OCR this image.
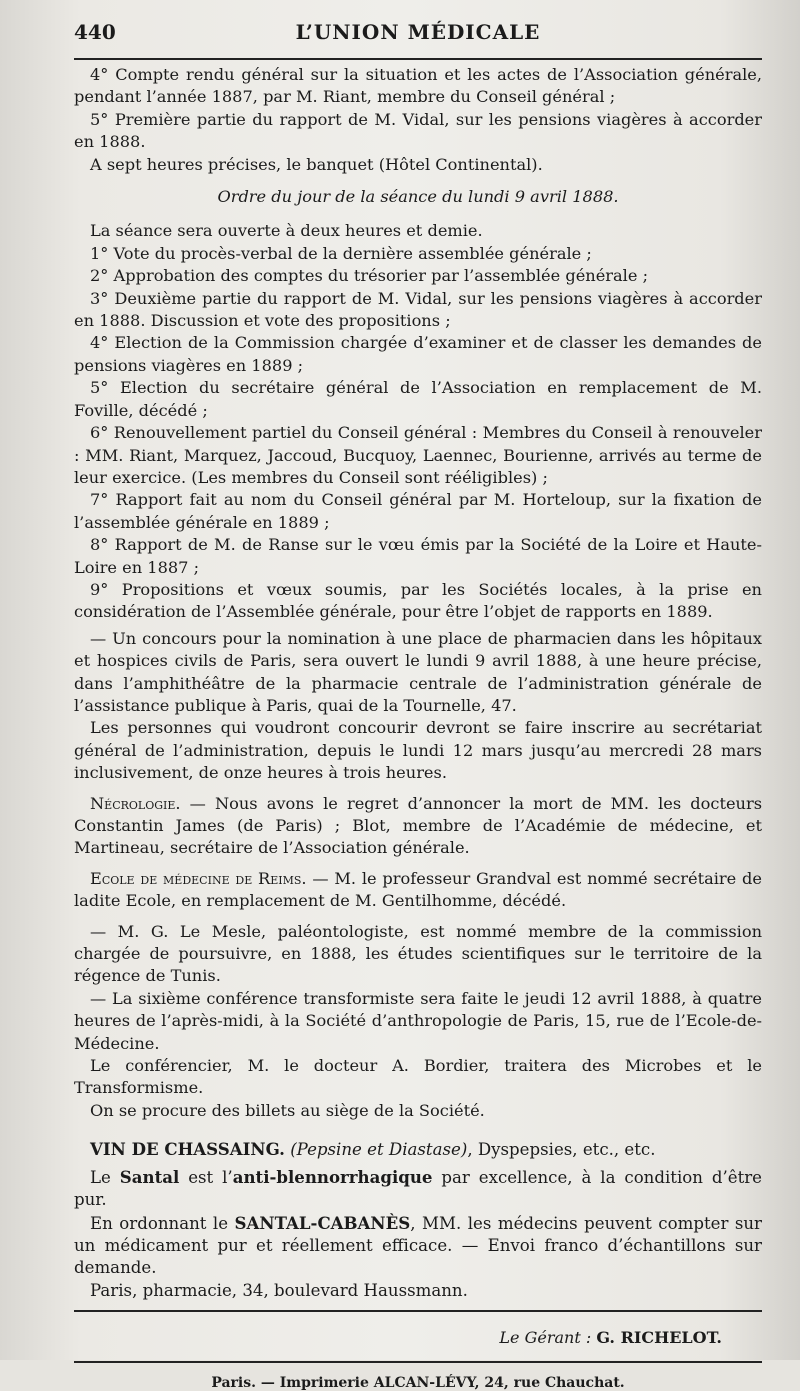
440	L’UNION MÉDICALE

4° Compte rendu général sur la situation et les actes de l’Association générale, pendant l’année 1887, par M. Riant, membre du Conseil général ;

5° Première partie du rapport de M. Vidal, sur les pensions viagères à accorder en 1888.

A sept heures précises, le banquet (Hôtel Continental).

Ordre du jour de la séance du lundi 9 avril 1888.

La séance sera ouverte à deux heures et demie.

1° Vote du procès-verbal de la dernière assemblée générale ;

2° Approbation des comptes du trésorier par l’assemblée générale ;

3° Deuxième partie du rapport de M. Vidal, sur les pensions viagères à accorder en 1888. Discussion et vote des propositions ;

4° Election de la Commission chargée d’examiner et de classer les demandes de pensions viagères en 1889 ;

5° Election du secrétaire général de l’Association en remplacement de M. Foville, décédé ;

6° Renouvellement partiel du Conseil général : Membres du Conseil à renouveler : MM. Riant, Marquez, Jaccoud, Bucquoy, Laennec, Bourienne, arrivés au terme de leur exercice. (Les membres du Conseil sont rééligibles) ;

7° Rapport fait au nom du Conseil général par M. Horteloup, sur la fixation de l’assemblée générale en 1889 ;

8° Rapport de M. de Ranse sur le vœu émis par la Société de la Loire et Haute-Loire en 1887 ;

9° Propositions et vœux soumis, par les Sociétés locales, à la prise en considération de l’Assemblée générale, pour être l’objet de rapports en 1889.

— Un concours pour la nomination à une place de pharmacien dans les hôpitaux et hospices civils de Paris, sera ouvert le lundi 9 avril 1888, à une heure précise, dans l’amphithéâtre de la pharmacie centrale de l’administration générale de l’assistance publique à Paris, quai de la Tournelle, 47.

Les personnes qui voudront concourir devront se faire inscrire au secrétariat général de l’administration, depuis le lundi 12 mars jusqu’au mercredi 28 mars inclusivement, de onze heures à trois heures.

Nécrologie. — Nous avons le regret d’annoncer la mort de MM. les docteurs Constantin James (de Paris) ; Blot, membre de l’Académie de médecine, et Martineau, secrétaire de l’Association générale.

Ecole de médecine de Reims. — M. le professeur Grandval est nommé secrétaire de ladite Ecole, en remplacement de M. Gentilhomme, décédé.

— M. G. Le Mesle, paléontologiste, est nommé membre de la commission chargée de poursuivre, en 1888, les études scientifiques sur le territoire de la régence de Tunis.

— La sixième conférence transformiste sera faite le jeudi 12 avril 1888, à quatre heures de l’après-midi, à la Société d’anthropologie de Paris, 15, rue de l’Ecole-de-Médecine.

Le conférencier, M. le docteur A. Bordier, traitera des Microbes et le Transformisme.

On se procure des billets au siège de la Société.

VIN DE CHASSAING. (Pepsine et Diastase), Dyspepsies, etc., etc.

Le Santal est l’anti-blennorrhagique par excellence, à la condition d’être pur.

En ordonnant le SANTAL-CABANÈS, MM. les médecins peuvent compter sur un médicament pur et réellement efficace. — Envoi franco d’échantillons sur demande.

Paris, pharmacie, 34, boulevard Haussmann.

Le Gérant : G. RICHELOT.
Paris. — Imprimerie ALCAN-LÉVY, 24, rue Chauchat.
